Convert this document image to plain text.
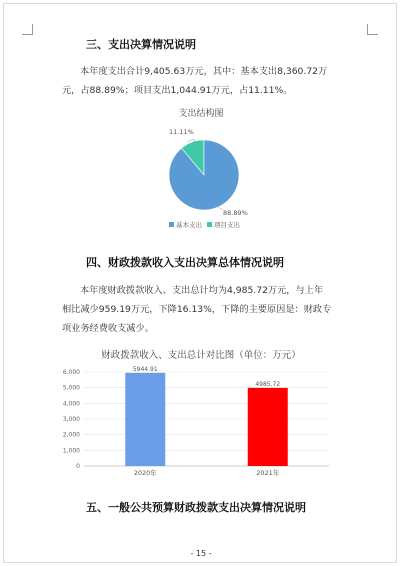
三、支出决算情况说明

本年度支出合计9,405.63万元，其中：基本支出8,360.72万

元，占88.89%；项目支出1,044.91万元，占11.11%。
支出结构图
11.11%
88.89%
基本支出 项目支出
四、财政拨款收入支出决算总体情况说明

本年度财政拨款收入、支出总计均为4,985.72万元，与上年

相比减少959.19万元，下降16.13%，下降的主要原因是：财政专
项业务经费收支减少。
财政拨款收入、支出总计对比图（单位：万元）
0
1,000
2,000
3,000
4,000
5,000
6,000	5944.91
2020年
4985.72
2021年
五、一般公共预算财政拨款支出决算情况说明
- 15 -
